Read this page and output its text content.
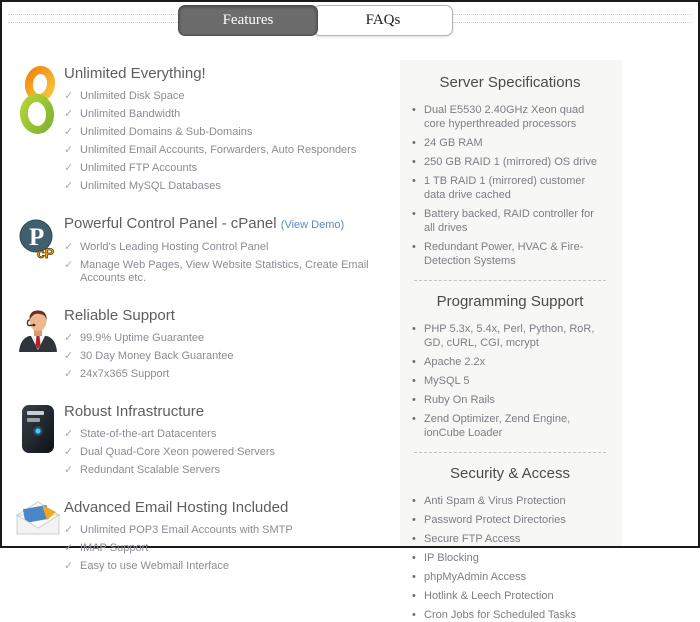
Features	FAQs
Unlimited Everything!
✓ Unlimited Disk Space
✓ Unlimited Bandwidth
✓ Unlimited Domains & Sub-Domains
✓ Unlimited Email Accounts, Forwarders, Auto Responders
✓ Unlimited FTP Accounts
✓ Unlimited MySQL Databases
P
cP
Powerful Control Panel - cPanel (View Demo)
✓ World's Leading Hosting Control Panel
✓ Manage Web Pages, View Website Statistics, Create Email Accounts etc.
Reliable Support
✓ 99.9% Uptime Guarantee
✓ 30 Day Money Back Guarantee
✓ 24x7x365 Support
Robust Infrastructure
✓ State-of-the-art Datacenters
✓ Dual Quad-Core Xeon powered Servers
✓ Redundant Scalable Servers
Advanced Email Hosting Included
✓ Unlimited POP3 Email Accounts with SMTP
✓ IMAP Support
✓ Easy to use Webmail Interface
Server Specifications
• Dual E5530 2.40GHz Xeon quad core hyperthreaded processors
• 24 GB RAM
• 250 GB RAID 1 (mirrored) OS drive
• 1 TB RAID 1 (mirrored) customer data drive cached
• Battery backed, RAID controller for all drives
• Redundant Power, HVAC & Fire-Detection Systems
Programming Support
• PHP 5.3x, 5.4x, Perl, Python, RoR, GD, cURL, CGI, mcrypt
• Apache 2.2x
• MySQL 5
• Ruby On Rails
• Zend Optimizer, Zend Engine, ionCube Loader
Security & Access
• Anti Spam & Virus Protection
• Password Protect Directories
• Secure FTP Access
• IP Blocking
• phpMyAdmin Access
• Hotlink & Leech Protection
• Cron Jobs for Scheduled Tasks
